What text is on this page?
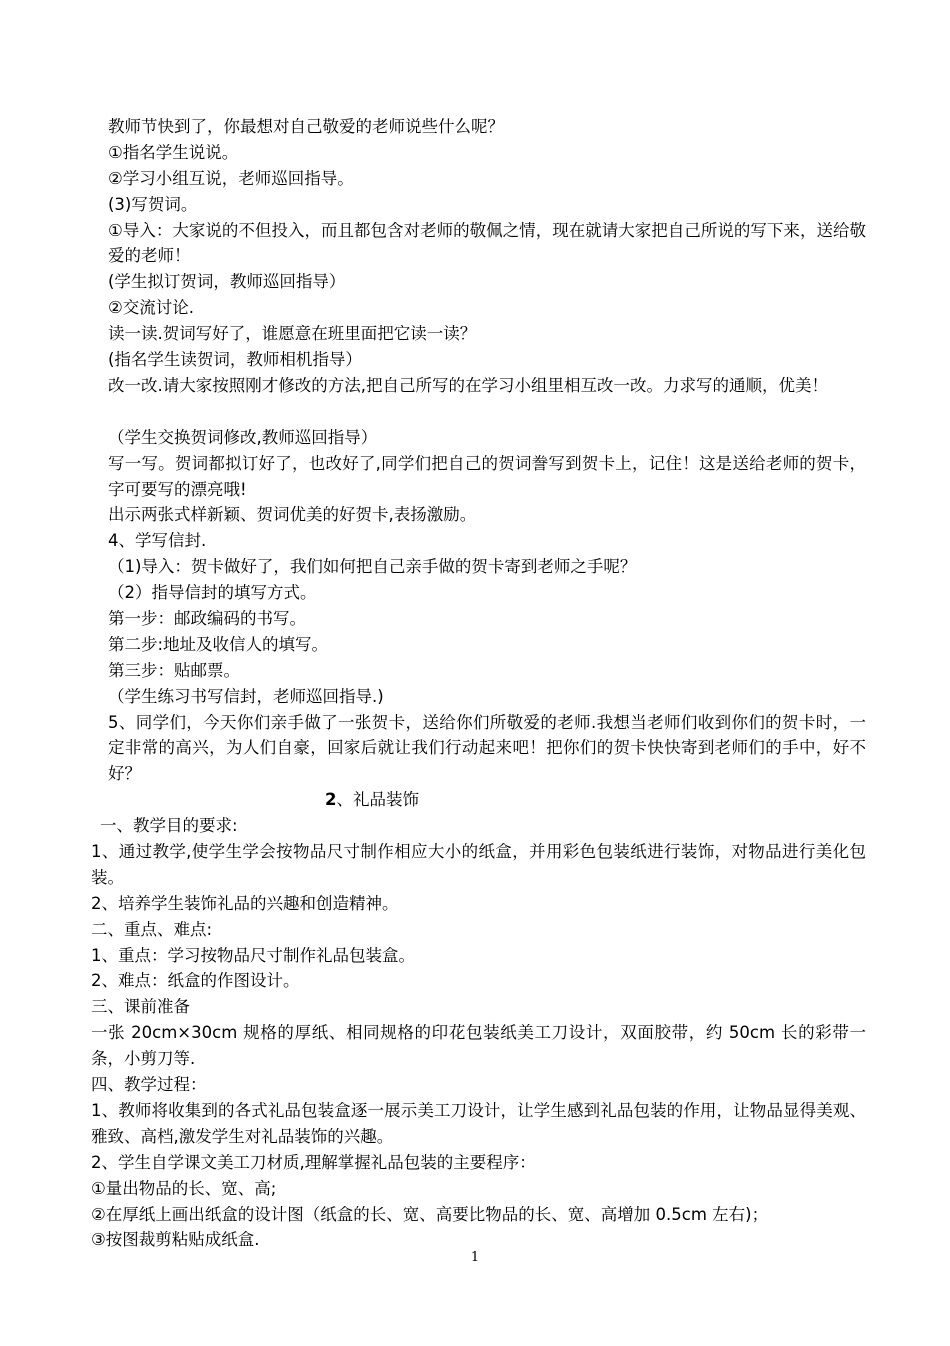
教师节快到了，你最想对自己敬爱的老师说些什么呢？
①指名学生说说。
②学习小组互说，老师巡回指导。
(3)写贺词。
①导入：大家说的不但投入，而且都包含对老师的敬佩之情，现在就请大家把自己所说的写下来，送给敬爱的老师！
(学生拟订贺词，教师巡回指导）
②交流讨论.
读一读.贺词写好了，谁愿意在班里面把它读一读？
(指名学生读贺词，教师相机指导）
改一改.请大家按照刚才修改的方法,把自己所写的在学习小组里相互改一改。力求写的通顺，优美！
（学生交换贺词修改,教师巡回指导）
写一写。贺词都拟订好了，也改好了,同学们把自己的贺词誊写到贺卡上，记住！这是送给老师的贺卡，字可要写的漂亮哦!
出示两张式样新颖、贺词优美的好贺卡,表扬激励。
4、学写信封.
（1)导入：贺卡做好了，我们如何把自己亲手做的贺卡寄到老师之手呢？
（2）指导信封的填写方式。
第一步：邮政编码的书写。
第二步:地址及收信人的填写。
第三步：贴邮票。
（学生练习书写信封，老师巡回指导.)
5、同学们，今天你们亲手做了一张贺卡，送给你们所敬爱的老师.我想当老师们收到你们的贺卡时，一定非常的高兴，为人们自豪，回家后就让我们行动起来吧！把你们的贺卡快快寄到老师们的手中，好不好？
2、礼品装饰
一、教学目的要求:
1、通过教学,使学生学会按物品尺寸制作相应大小的纸盒，并用彩色包装纸进行装饰，对物品进行美化包装。
2、培养学生装饰礼品的兴趣和创造精神。
二、重点、难点:
1、重点：学习按物品尺寸制作礼品包装盒。
2、难点：纸盒的作图设计。
三、课前准备
一张 20cm×30cm 规格的厚纸、相同规格的印花包装纸美工刀设计，双面胶带，约 50cm 长的彩带一条，小剪刀等.
四、教学过程：
1、教师将收集到的各式礼品包装盒逐一展示美工刀设计，让学生感到礼品包装的作用，让物品显得美观、雅致、高档,激发学生对礼品装饰的兴趣。
2、学生自学课文美工刀材质,理解掌握礼品包装的主要程序：
①量出物品的长、宽、高;
②在厚纸上画出纸盒的设计图（纸盒的长、宽、高要比物品的长、宽、高增加 0.5cm 左右)；
③按图裁剪粘贴成纸盒.
1
